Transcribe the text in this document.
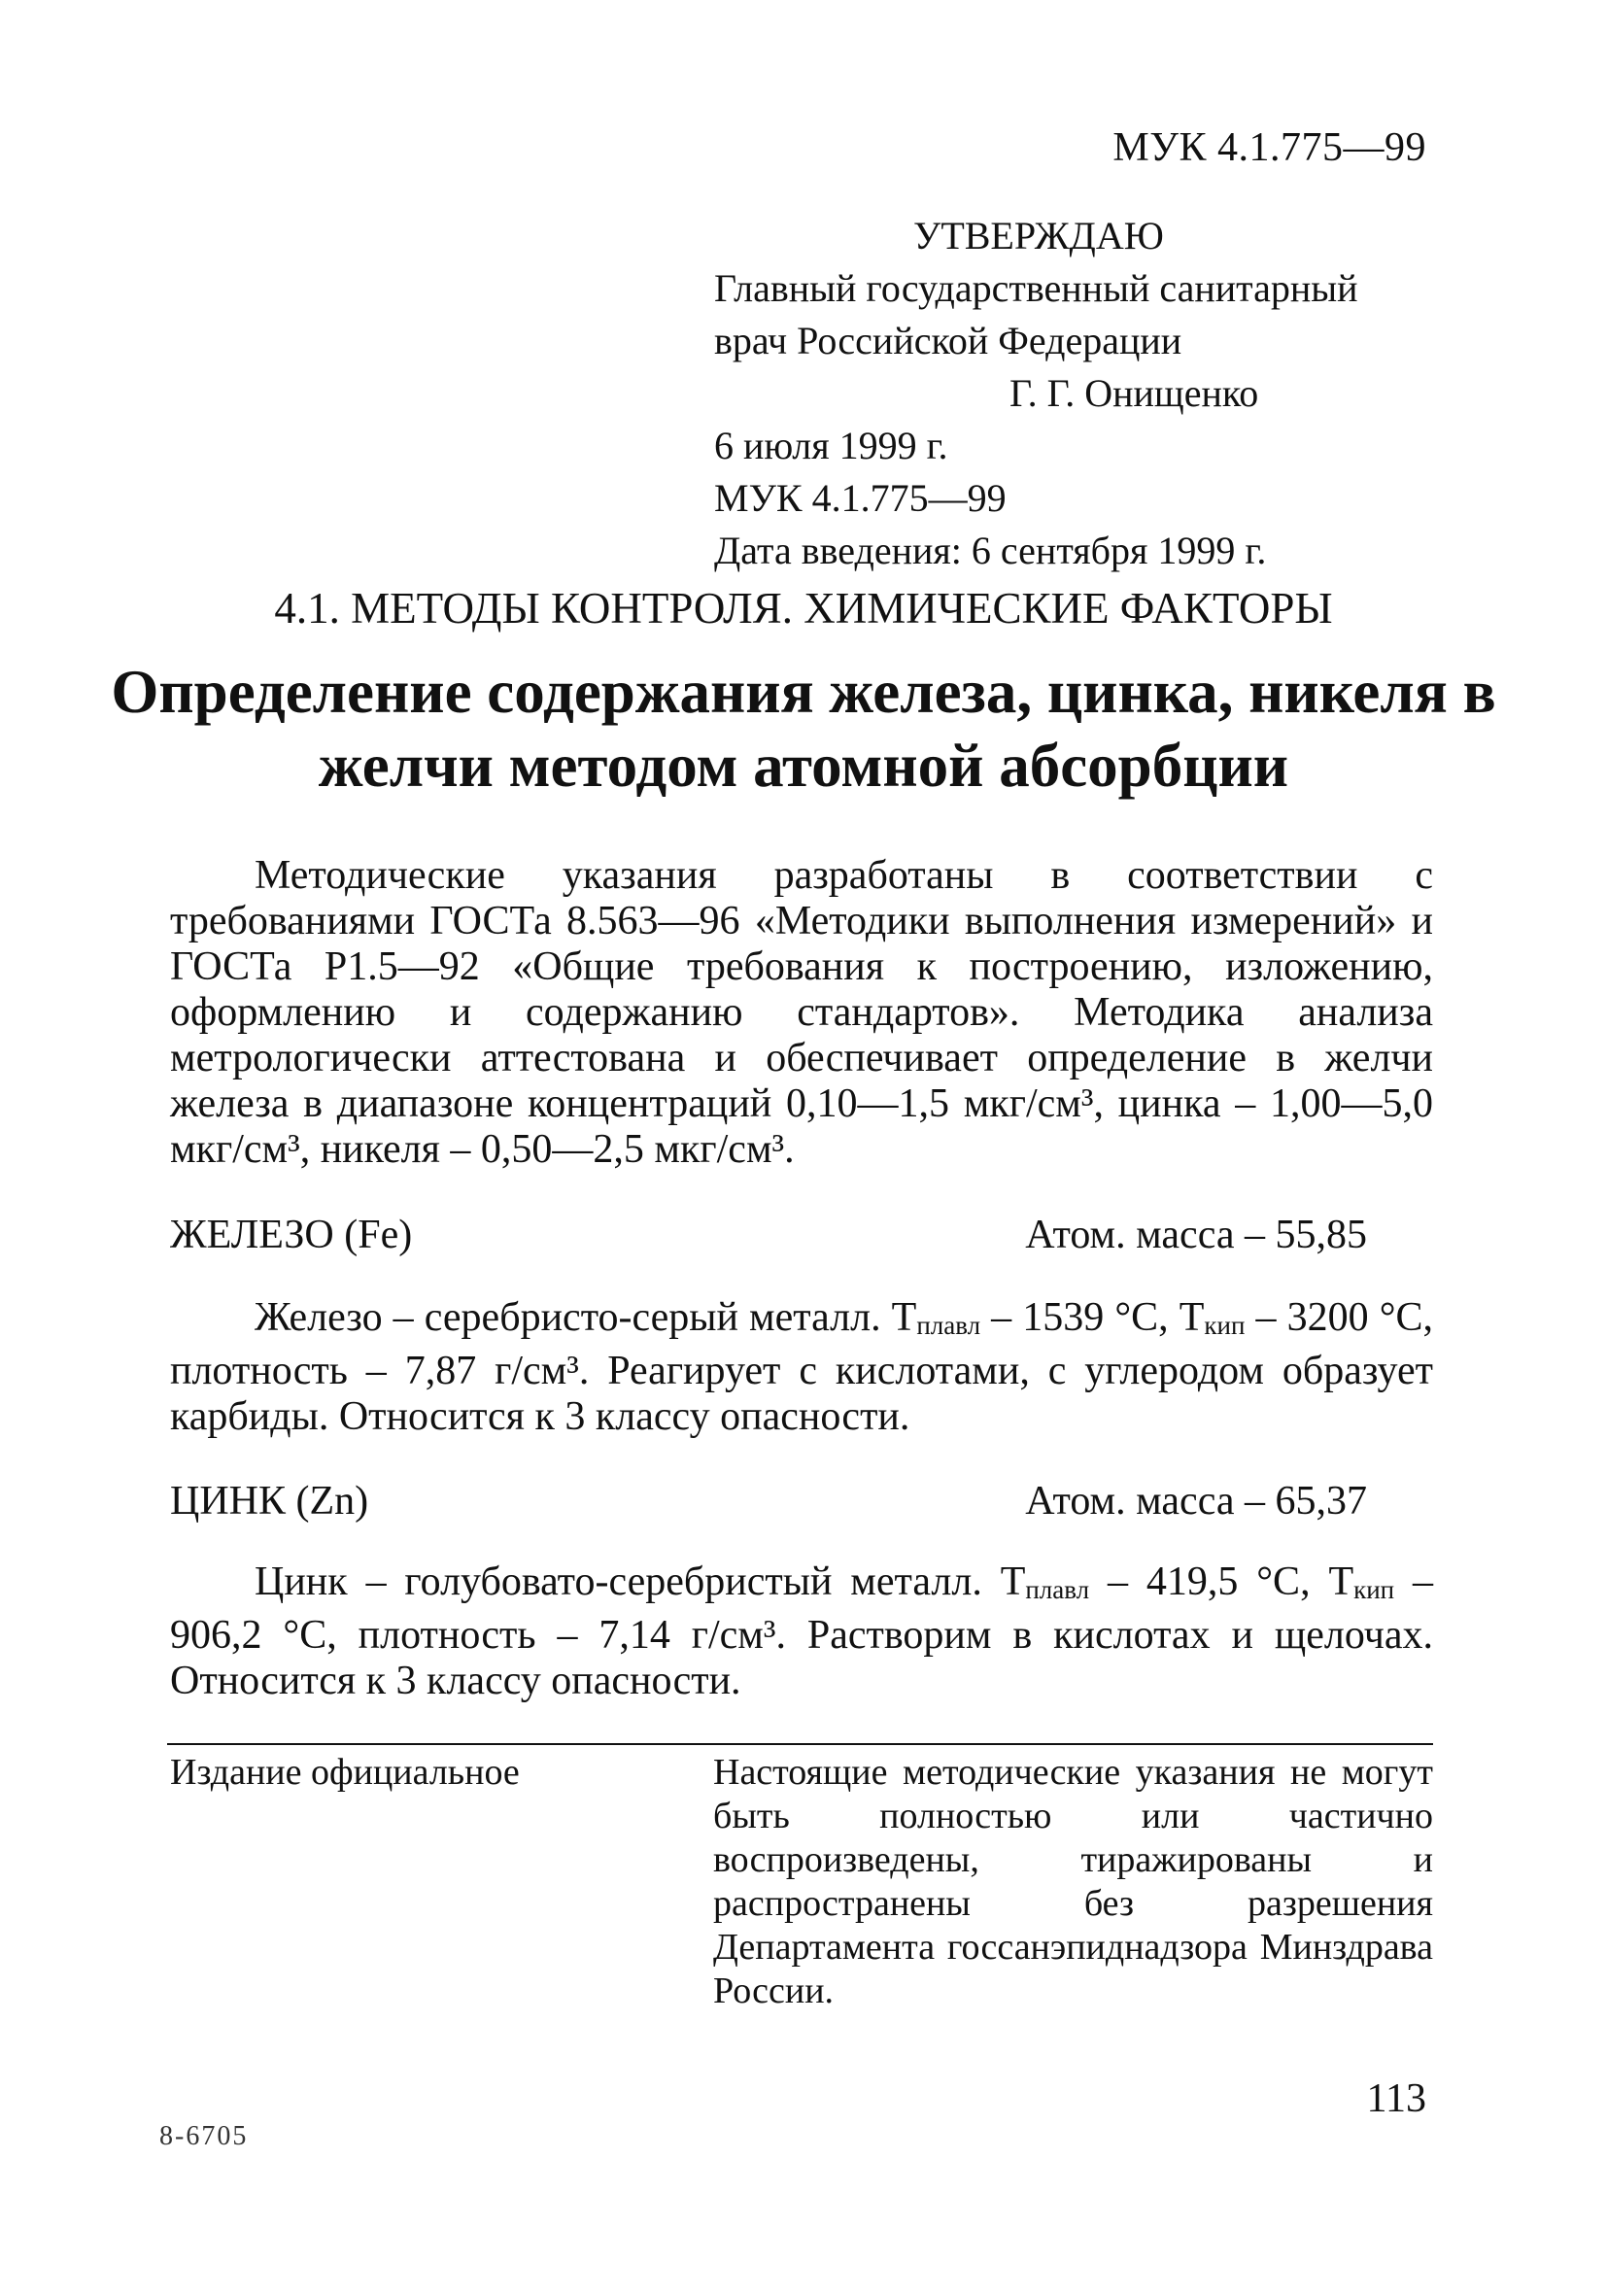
МУК 4.1.775—99
УТВЕРЖДАЮ
Главный государственный санитарный
врач Российской Федерации
Г. Г. Онищенко
6 июля 1999 г.
МУК 4.1.775—99
Дата введения: 6 сентября 1999 г.
4.1. МЕТОДЫ КОНТРОЛЯ. ХИМИЧЕСКИЕ ФАКТОРЫ
Определение содержания железа, цинка, никеля в
желчи методом атомной абсорбции

Методические указания разработаны в соответствии с требованиями ГОСТа 8.563—96 «Методики выполнения измерений» и ГОСТа Р1.5—92 «Общие требования к построению, изложению, оформлению и содержанию стандартов». Методика анализа метрологически аттестована и обеспечивает определение в желчи железа в диапазоне концентраций 0,10—1,5 мкг/см³, цинка – 1,00—5,0 мкг/см³, никеля – 0,50—2,5 мкг/см³.

ЖЕЛЕЗО (Fe)	Атом. масса – 55,85

Железо – серебристо-серый металл. Tплавл – 1539 °С, Tкип – 3200 °С, плотность – 7,87 г/см³. Реагирует с кислотами, с углеродом образует карбиды. Относится к 3 классу опасности.

ЦИНК (Zn)	Атом. масса – 65,37

Цинк – голубовато-серебристый металл. Tплавл – 419,5 °С, Tкип – 906,2 °С, плотность – 7,14 г/см³. Растворим в кислотах и щелочах. Относится к 3 классу опасности.

Издание официальное	Настоящие методические указания не могут быть полностью или частично воспроизведены, тиражированы и распространены без разрешения Департамента госсанэпиднадзора Минздрава России.

113
8-6705
